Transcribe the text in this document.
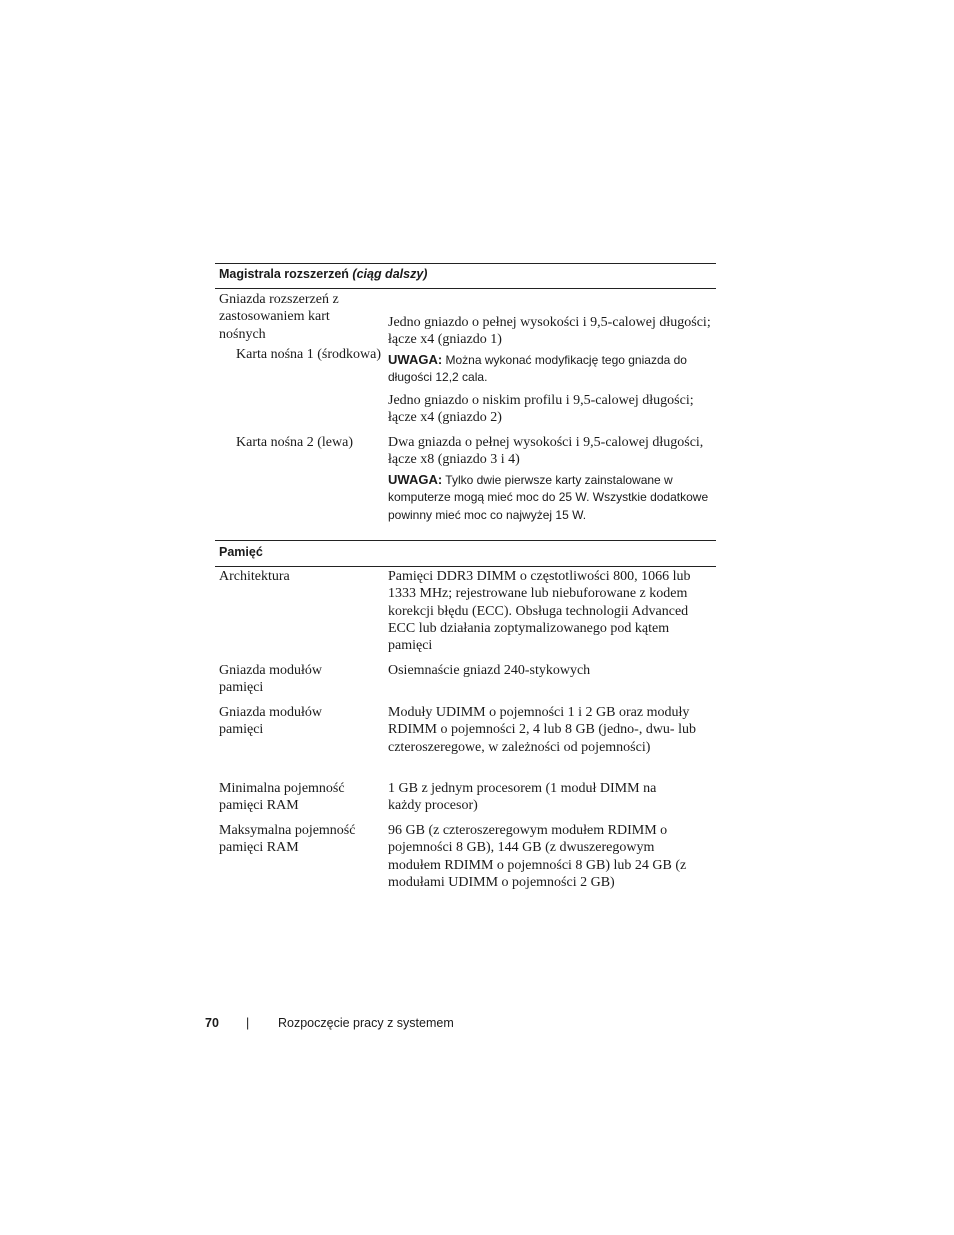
Magistrala rozszerzeń (ciąg dalszy)
Gniazda rozszerzeń z zastosowaniem kart nośnych
Karta nośna 1 (środkowa)
Jedno gniazdo o pełnej wysokości i 9,5-calowej długości; łącze x4 (gniazdo 1)
UWAGA: Można wykonać modyfikację tego gniazda do długości 12,2 cala.
Jedno gniazdo o niskim profilu i 9,5-calowej długości; łącze x4 (gniazdo 2)
Karta nośna 2 (lewa)	Dwa gniazda o pełnej wysokości i 9,5-calowej długości, łącze x8 (gniazdo 3 i 4)
UWAGA: Tylko dwie pierwsze karty zainstalowane w komputerze mogą mieć moc do 25 W. Wszystkie dodatkowe powinny mieć moc co najwyżej 15 W.
Pamięć
Architektura	Pamięci DDR3 DIMM o częstotliwości 800, 1066 lub 1333 MHz; rejestrowane lub niebuforowane z kodem korekcji błędu (ECC). Obsługa technologii Advanced ECC lub działania zoptymalizowanego pod kątem pamięci
Gniazda modułów pamięci
Osiemnaście gniazd 240-stykowych
Gniazda modułów pamięci
Moduły UDIMM o pojemności 1 i 2 GB oraz moduły RDIMM o pojemności 2, 4 lub 8 GB (jedno-, dwu- lub czteroszeregowe, w zależności od pojemności)
Minimalna pojemność pamięci RAM
1 GB z jednym procesorem (1 moduł DIMM na każdy procesor)
Maksymalna pojemność pamięci RAM
96 GB (z czteroszeregowym modułem RDIMM o pojemności 8 GB), 144 GB (z dwuszeregowym modułem RDIMM o pojemności 8 GB) lub 24 GB (z modułami UDIMM o pojemności 2 GB)
70 | Rozpoczęcie pracy z systemem
